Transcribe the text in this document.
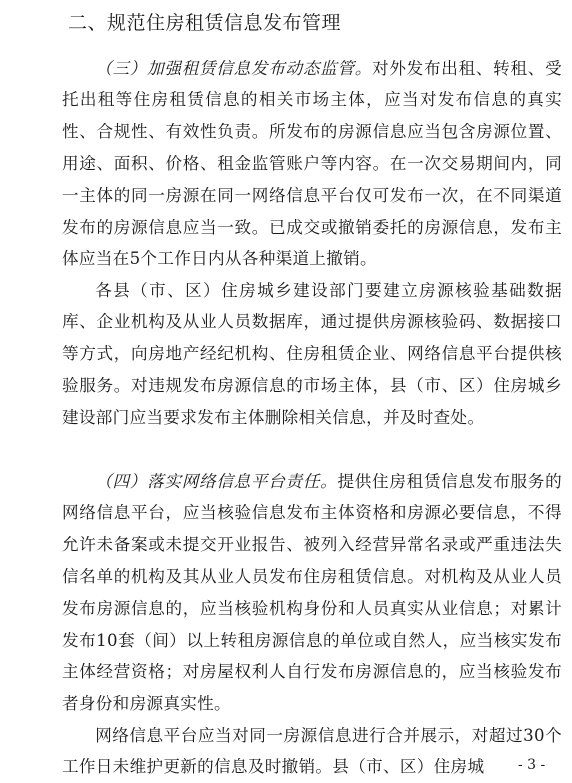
二、规范住房租赁信息发布管理

（三）加强租赁信息发布动态监管。对外发布出租、转租、受托出租等住房租赁信息的相关市场主体，应当对发布信息的真实性、合规性、有效性负责。所发布的房源信息应当包含房源位置、用途、面积、价格、租金监管账户等内容。在一次交易期间内，同一主体的同一房源在同一网络信息平台仅可发布一次，在不同渠道发布的房源信息应当一致。已成交或撤销委托的房源信息，发布主体应当在5个工作日内从各种渠道上撤销。

各县（市、区）住房城乡建设部门要建立房源核验基础数据库、企业机构及从业人员数据库，通过提供房源核验码、数据接口等方式，向房地产经纪机构、住房租赁企业、网络信息平台提供核验服务。对违规发布房源信息的市场主体，县（市、区）住房城乡建设部门应当要求发布主体删除相关信息，并及时查处。

（四）落实网络信息平台责任。提供住房租赁信息发布服务的网络信息平台，应当核验信息发布主体资格和房源必要信息，不得允许未备案或未提交开业报告、被列入经营异常名录或严重违法失信名单的机构及其从业人员发布住房租赁信息。对机构及从业人员发布房源信息的，应当核验机构身份和人员真实从业信息；对累计发布10套（间）以上转租房源信息的单位或自然人，应当核实发布主体经营资格；对房屋权利人自行发布房源信息的，应当核验发布者身份和房源真实性。

网络信息平台应当对同一房源信息进行合并展示，对超过30个工作日未维护更新的信息及时撤销。县（市、区）住房城	- 3 -
